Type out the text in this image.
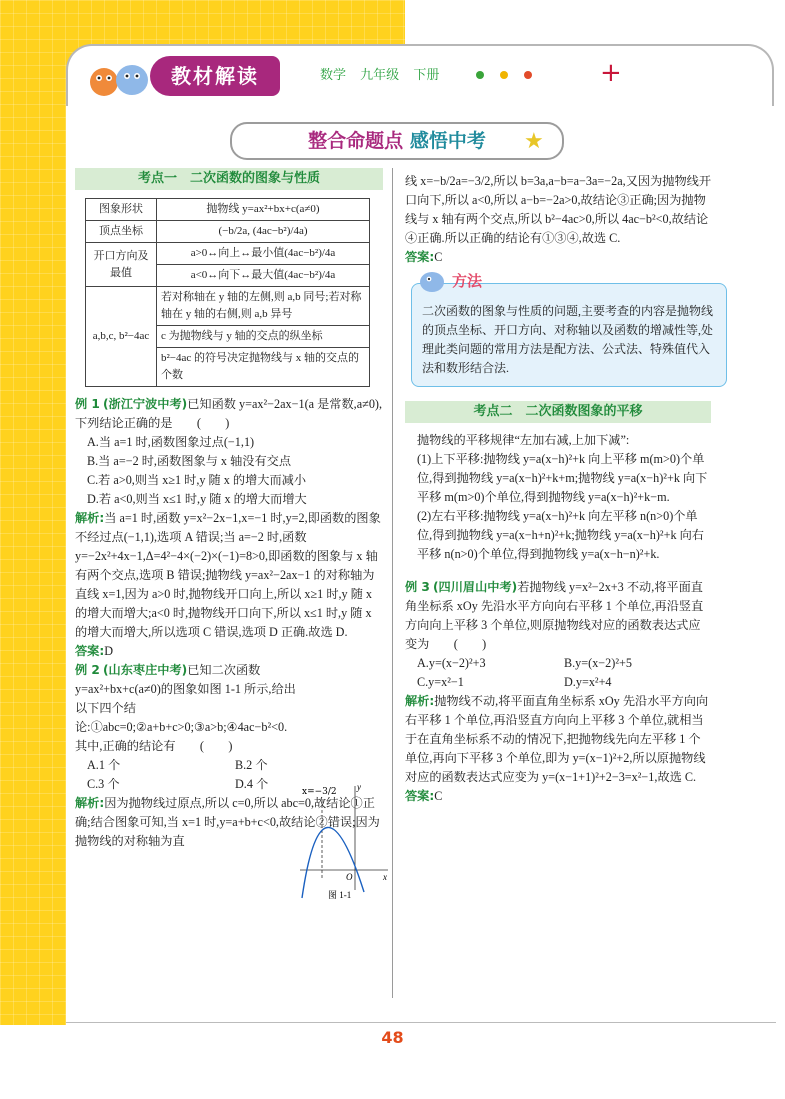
教材解读	数学 九年级 下册
	+
整合命题点 感悟中考	★
考点一　二次函数的图象与性质
图象形状	抛物线 y=ax²+bx+c(a≠0)
顶点坐标	(−b/2a, (4ac−b²)/4a)
开口方向及最值	a>0↔向上↔最小值(4ac−b²)/4a
	a<0↔向下↔最大值(4ac−b²)/4a
a,b,c, b²−4ac	若对称轴在 y 轴的左侧,则 a,b 同号;若对称轴在 y 轴的右侧,则 a,b 异号
	c 为抛物线与 y 轴的交点的纵坐标
	b²−4ac 的符号决定抛物线与 x 轴的交点的个数

例 1 (浙江宁波中考)已知函数 y=ax²−2ax−1(a 是常数,a≠0),下列结论正确的是　　(　　)

A.当 a=1 时,函数图象过点(−1,1)

B.当 a=−2 时,函数图象与 x 轴没有交点

C.若 a>0,则当 x≥1 时,y 随 x 的增大而减小

D.若 a<0,则当 x≤1 时,y 随 x 的增大而增大

解析:当 a=1 时,函数 y=x²−2x−1,x=−1 时,y=2,即函数的图象不经过点(−1,1),选项 A 错误;当 a=−2 时,函数 y=−2x²+4x−1,Δ=4²−4×(−2)×(−1)=8>0,即函数的图象与 x 轴有两个交点,选项 B 错误;抛物线 y=ax²−2ax−1 的对称轴为直线 x=1,因为 a>0 时,抛物线开口向上,所以 x≥1 时,y 随 x 的增大而增大;a<0 时,抛物线开口向下,所以 x≤1 时,y 随 x 的增大而增大,所以选项 C 错误,选项 D 正确.故选 D.

答案:D

例 2 (山东枣庄中考)已知二次函数 y=ax²+bx+c(a≠0)的图象如图 1-1 所示,给出以下四个结论:①abc=0;②a+b+c>0;③a>b;④4ac−b²<0.其中,正确的结论有　　(　　)

A.1 个	B.2 个
C.3 个	D.4 个

解析:因为抛物线过原点,所以 c=0,所以 abc=0,故结论①正确;结合图象可知,当 x=1 时,y=a+b+c<0,故结论②错误;因为抛物线的对称轴为直

x=−3/2 y
x
O
图 1-1

线 x=−b/2a=−3/2,所以 b=3a,a−b=a−3a=−2a,又因为抛物线开口向下,所以 a<0,所以 a−b=−2a>0,故结论③正确;因为抛物线与 x 轴有两个交点,所以 b²−4ac>0,所以 4ac−b²<0,故结论④正确.所以正确的结论有①③④,故选 C.

答案:C

方法

二次函数的图象与性质的问题,主要考查的内容是抛物线的顶点坐标、开口方向、对称轴以及函数的增减性等,处理此类问题的常用方法是配方法、公式法、特殊值代入法和数形结合法.

考点二　二次函数图象的平移

抛物线的平移规律“左加右减,上加下减”:

(1)上下平移:抛物线 y=a(x−h)²+k 向上平移 m(m>0)个单位,得到抛物线 y=a(x−h)²+k+m;抛物线 y=a(x−h)²+k 向下平移 m(m>0)个单位,得到抛物线 y=a(x−h)²+k−m.

(2)左右平移:抛物线 y=a(x−h)²+k 向左平移 n(n>0)个单位,得到抛物线 y=a(x−h+n)²+k;抛物线 y=a(x−h)²+k 向右平移 n(n>0)个单位,得到抛物线 y=a(x−h−n)²+k.

例 3 (四川眉山中考)若抛物线 y=x²−2x+3 不动,将平面直角坐标系 xOy 先沿水平方向向右平移 1 个单位,再沿竖直方向向上平移 3 个单位,则原抛物线对应的函数表达式应变为　　(　　)

A.y=(x−2)²+3	B.y=(x−2)²+5
C.y=x²−1	D.y=x²+4

解析:抛物线不动,将平面直角坐标系 xOy 先沿水平方向向右平移 1 个单位,再沿竖直方向向上平移 3 个单位,就相当于在直角坐标系不动的情况下,把抛物线先向左平移 1 个单位,再向下平移 3 个单位,即为 y=(x−1)²+2,所以原抛物线对应的函数表达式应变为 y=(x−1+1)²+2−3=x²−1,故选 C.

答案:C

48
